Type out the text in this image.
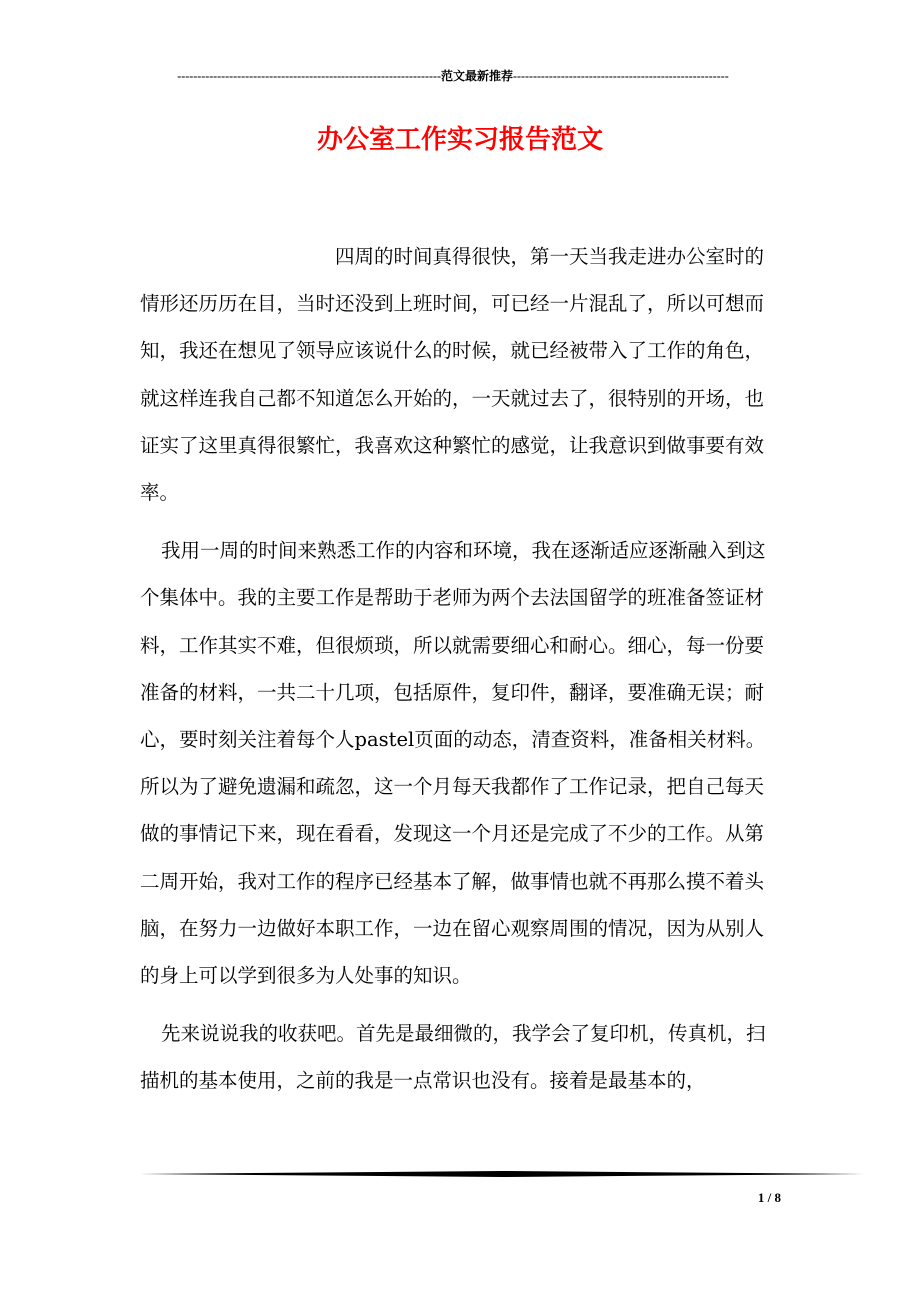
------------------------------------------------------------------范文最新推荐------------------------------------------------------
办公室工作实习报告范文

四周的时间真得很快，第一天当我走进办公室时的情形还历历在目，当时还没到上班时间，可已经一片混乱了，所以可想而知，我还在想见了领导应该说什么的时候，就已经被带入了工作的角色，就这样连我自己都不知道怎么开始的，一天就过去了，很特别的开场，也证实了这里真得很繁忙，我喜欢这种繁忙的感觉，让我意识到做事要有效率。

我用一周的时间来熟悉工作的内容和环境，我在逐渐适应逐渐融入到这个集体中。我的主要工作是帮助于老师为两个去法国留学的班准备签证材料，工作其实不难，但很烦琐，所以就需要细心和耐心。细心，每一份要准备的材料，一共二十几项，包括原件，复印件，翻译，要准确无误；耐心，要时刻关注着每个人pastel页面的动态，清查资料，准备相关材料。所以为了避免遗漏和疏忽，这一个月每天我都作了工作记录，把自己每天做的事情记下来，现在看看，发现这一个月还是完成了不少的工作。从第二周开始，我对工作的程序已经基本了解，做事情也就不再那么摸不着头脑，在努力一边做好本职工作，一边在留心观察周围的情况，因为从别人的身上可以学到很多为人处事的知识。

先来说说我的收获吧。首先是最细微的，我学会了复印机，传真机，扫描机的基本使用，之前的我是一点常识也没有。接着是最基本的，

1 / 8
